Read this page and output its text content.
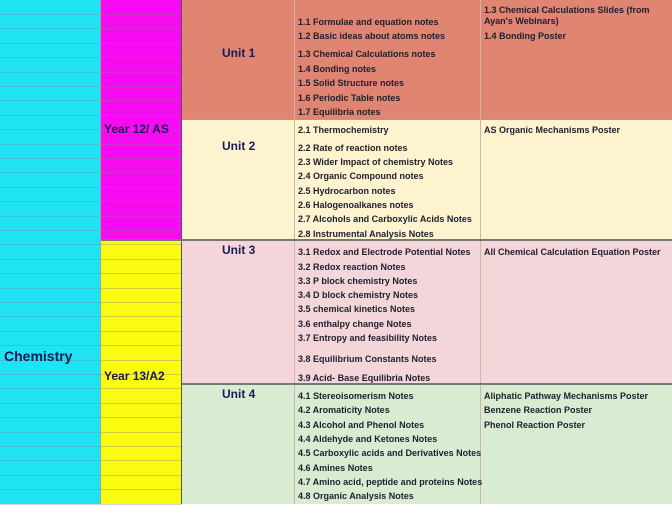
Chemistry
Year 12/ AS
Year 13/A2
Unit 1
Unit 2
Unit 3
Unit 4
1.1 Formulae and equation notes
1.2 Basic ideas about atoms notes
1.3 Chemical Calculations notes
1.4 Bonding notes
1.5 Solid Structure notes
1.6 Periodic Table notes
1.7 Equilibria notes
2.1 Thermochemistry
2.2 Rate of reaction notes
2.3 Wider Impact of chemistry Notes
2.4 Organic Compound notes
2.5 Hydrocarbon notes
2.6 Halogenoalkanes notes
2.7 Alcohols and Carboxylic Acids Notes
2.8 Instrumental Analysis Notes
3.1 Redox and Electrode Potential Notes
3.2 Redox reaction Notes
3.3 P block chemistry Notes
3.4 D block chemistry Notes
3.5 chemical kinetics Notes
3.6 enthalpy change Notes
3.7 Entropy and feasibility Notes
3.8 Equilibrium Constants Notes
3.9 Acid- Base Equilibria Notes
4.1 Stereoisomerism Notes
4.2 Aromaticity Notes
4.3 Alcohol and Phenol Notes
4.4 Aldehyde and Ketones Notes
4.5 Carboxylic acids and Derivatives Notes
4.6 Amines Notes
4.7 Amino acid, peptide and proteins Notes
4.8 Organic Analysis Notes
1.3 Chemical Calculations Slides (from
Ayan's Webinars)
1.4 Bonding Poster
AS Organic Mechanisms Poster
All Chemical Calculation Equation Poster
Aliphatic Pathway Mechanisms Poster
Benzene Reaction Poster
Phenol Reaction Poster
